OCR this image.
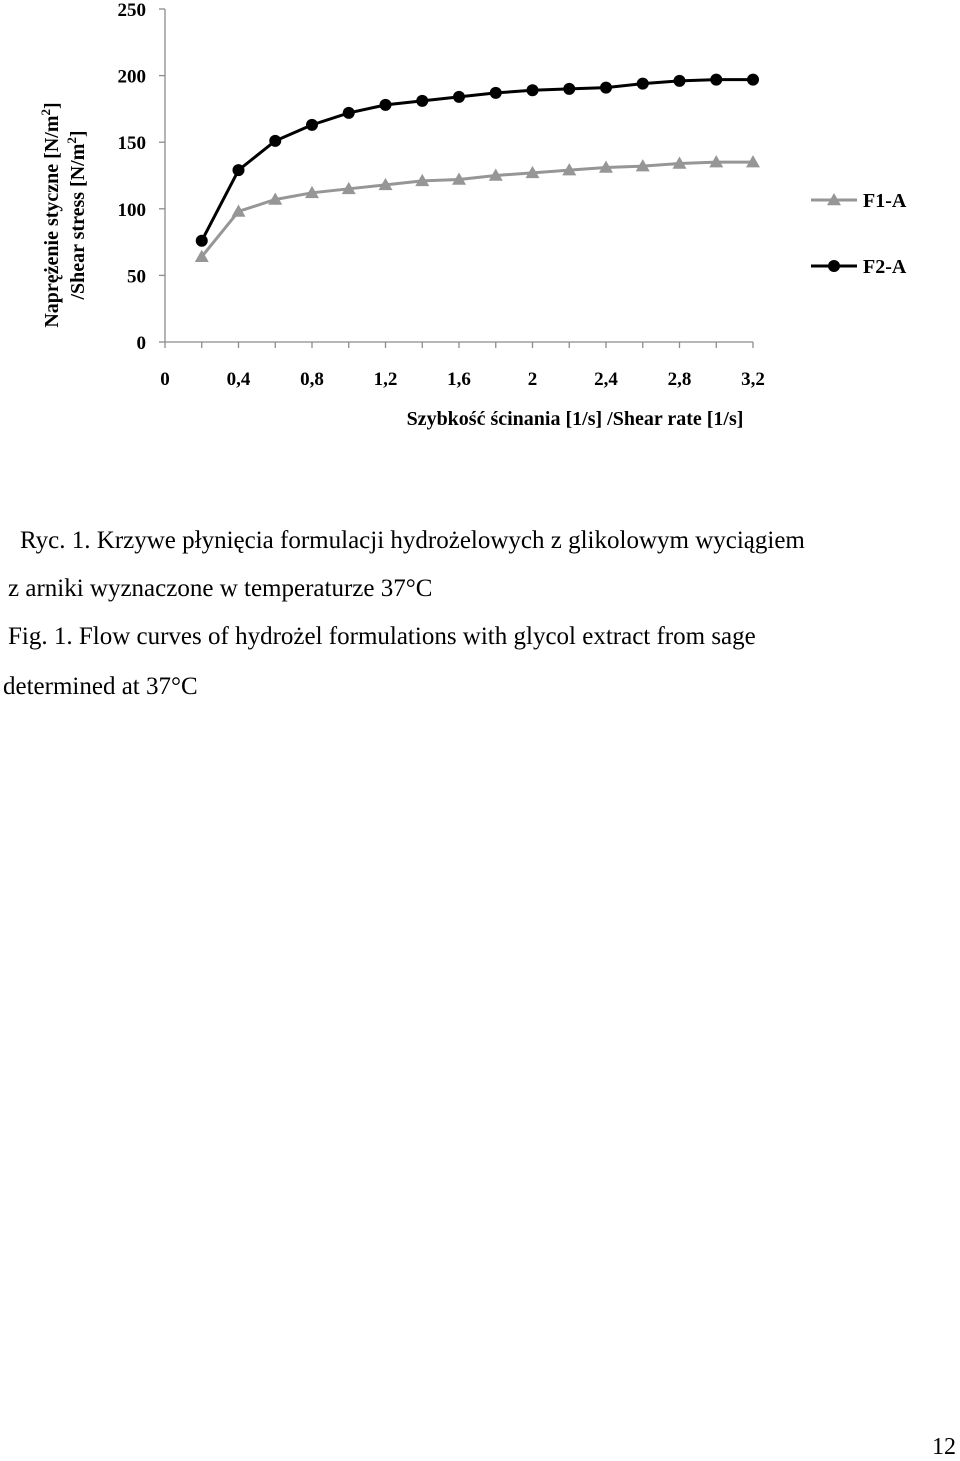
0
50
100
150
200
250
0	0,4	0,8	1,2	1,6	2	2,4	2,8	3,2
Szybkość ścinania [1/s] /Shear rate [1/s]
Naprężenie styczne $[N/m^2]$
/Shear stress $[N/m^2]$
F1-A
F2-A

Ryc. 1. Krzywe płynięcia formulacji hydrożelowych z glikolowym wyciągiem

z arniki wyznaczone w temperaturze 37°C

Fig. 1. Flow curves of hydrożel formulations with glycol extract from sage

determined at 37°C

12
